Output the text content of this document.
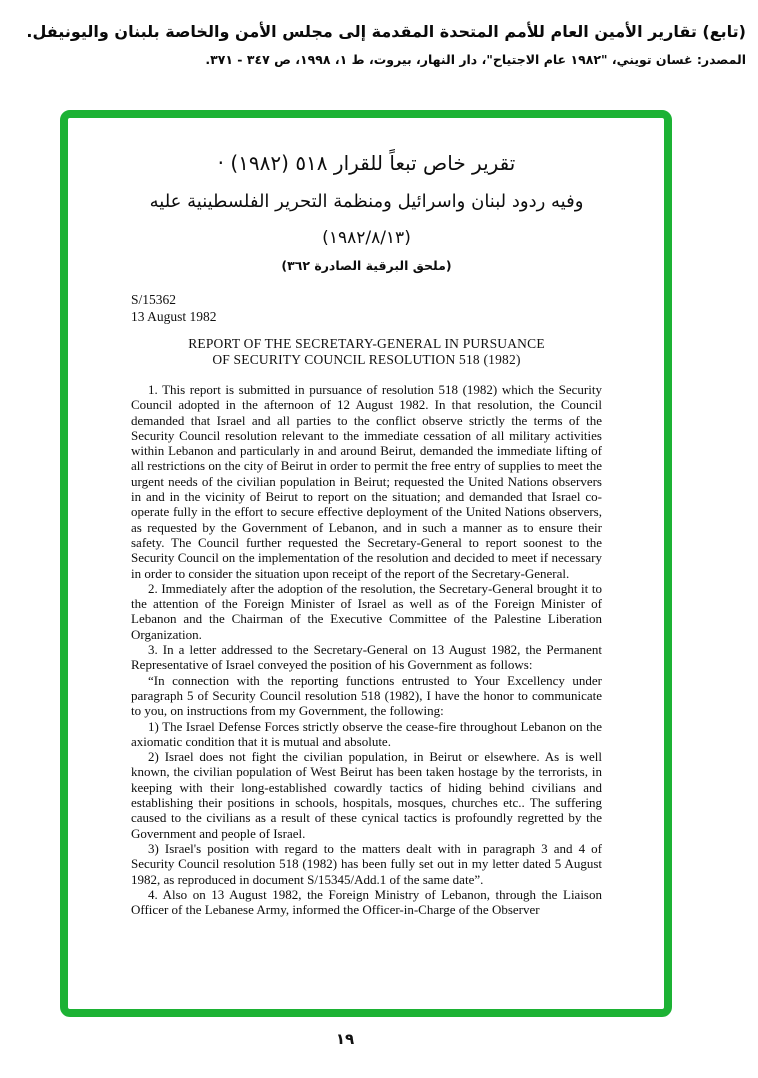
(تابع) تقارير الأمين العام للأمم المتحدة المقدمة إلى مجلس الأمن والخاصة بلبنان واليونيفل.
المصدر: غسان تويني، "١٩٨٢ عام الاجتياح"، دار النهار، بيروت، ط ١، ١٩٩٨، ص ٣٤٧ - ٣٧١.
تقرير خاص تبعاً للقرار ٥١٨ (١٩٨٢) ·
وفيه ردود لبنان واسرائيل ومنظمة التحرير الفلسطينية عليه
(١٩٨٢/٨/١٣)
(ملحق البرقية الصادرة ٣٦٢)
S/15362
13 August 1982
REPORT OF THE SECRETARY-GENERAL IN PURSUANCE
OF SECURITY COUNCIL RESOLUTION 518 (1982)

1. This report is submitted in pursuance of resolution 518 (1982) which the Security Council adopted in the afternoon of 12 August 1982. In that resolution, the Council demanded that Israel and all parties to the conflict observe strictly the terms of the Security Council resolution relevant to the immediate cessation of all military activities within Lebanon and particularly in and around Beirut, demanded the immediate lifting of all restrictions on the city of Beirut in order to permit the free entry of supplies to meet the urgent needs of the civilian population in Beirut; requested the United Nations observers in and in the vicinity of Beirut to report on the situation; and demanded that Israel co-operate fully in the effort to secure effective deployment of the United Nations observers, as requested by the Government of Lebanon, and in such a manner as to ensure their safety. The Council further requested the Secretary-General to report soonest to the Security Council on the implementation of the resolution and decided to meet if necessary in order to consider the situation upon receipt of the report of the Secretary-General.

2. Immediately after the adoption of the resolution, the Secretary-General brought it to the attention of the Foreign Minister of Israel as well as of the Foreign Minister of Lebanon and the Chairman of the Executive Committee of the Palestine Liberation Organization.

3. In a letter addressed to the Secretary-General on 13 August 1982, the Permanent Representative of Israel conveyed the position of his Government as follows:

“In connection with the reporting functions entrusted to Your Excellency under paragraph 5 of Security Council resolution 518 (1982), I have the honor to communicate to you, on instructions from my Government, the following:

1) The Israel Defense Forces strictly observe the cease-fire throughout Lebanon on the axiomatic condition that it is mutual and absolute.

2) Israel does not fight the civilian population, in Beirut or elsewhere. As is well known, the civilian population of West Beirut has been taken hostage by the terrorists, in keeping with their long-established cowardly tactics of hiding behind civilians and establishing their positions in schools, hospitals, mosques, churches etc.. The suffering caused to the civilians as a result of these cynical tactics is profoundly regretted by the Government and people of Israel.

3) Israel's position with regard to the matters dealt with in paragraph 3 and 4 of Security Council resolution 518 (1982) has been fully set out in my letter dated 5 August 1982, as reproduced in document S/15345/Add.1 of the same date”.

4. Also on 13 August 1982, the Foreign Ministry of Lebanon, through the Liaison Officer of the Lebanese Army, informed the Officer-in-Charge of the Observer

١٩
